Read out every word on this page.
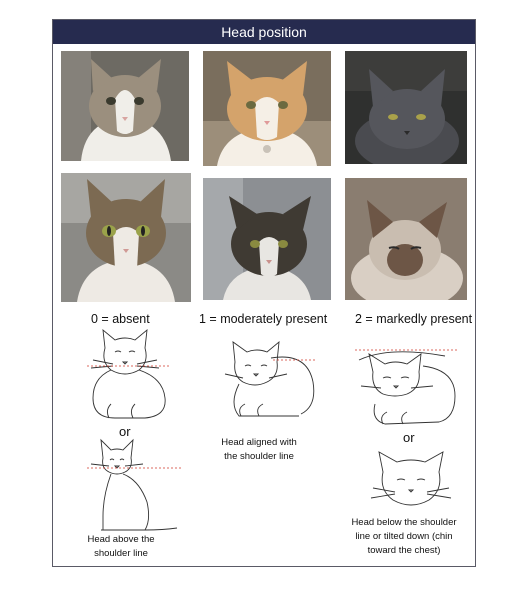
Head position
0 = absent	1 = moderately present 2 = markedly present
or	or
Head aligned with
the shoulder line
Head above the
shoulder line
Head below the shoulder
line or tilted down (chin
toward the chest)
